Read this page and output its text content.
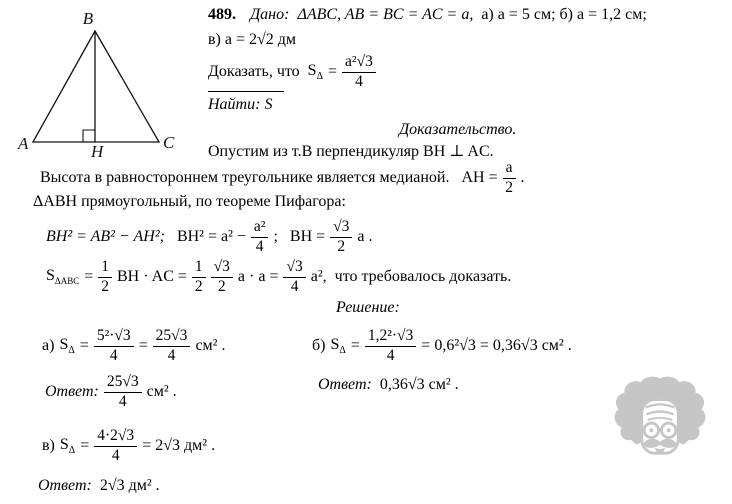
B
A	C
H
489. Дано: ΔABC, AB = BC = AC = a, а) a = 5 см; б) a = 1,2 см;
в) a = 2√2 дм
Доказать, что $S_\Delta = \frac{\text{a²√3}}{4}$
Найти: S
Доказательство.
Опустим из т.B перпендикуляр BH ⊥ AC.
Высота в равностороннем треугольнике является медианой. AH = $\frac{a}{2}$ .
ΔABH прямоугольный, по теореме Пифагора:
BH² = AB² − AH²; $BH^2 = a^2 - \frac{\text{a²}}{4}$ ; BH = $\frac{√3}{2}$ a .
$S_{\Delta ABC} = \frac{1}{2}$ BH · AC = $\frac{1}{2} \frac{√3}{2}$ $a \cdot a = \frac{√3}{4} a^2$, что требовалось доказать.
Решение:
а) $S_\Delta = \frac{\text{5²·√3}}{4} = \frac{25√3}{4} см^2$ .	б) $S_\Delta = \frac{\text{1,2²·√3}}{4} = 0,6^2√3 = 0,36√3$ см² .
Ответ: $\frac{25√3}{4} см^2$ .	Ответ: 0,36√3 см² .
в) $S_\Delta = \frac{4\cdot 2√3}{4} = 2√3$ дм² .
Ответ: 2√3 дм² .
